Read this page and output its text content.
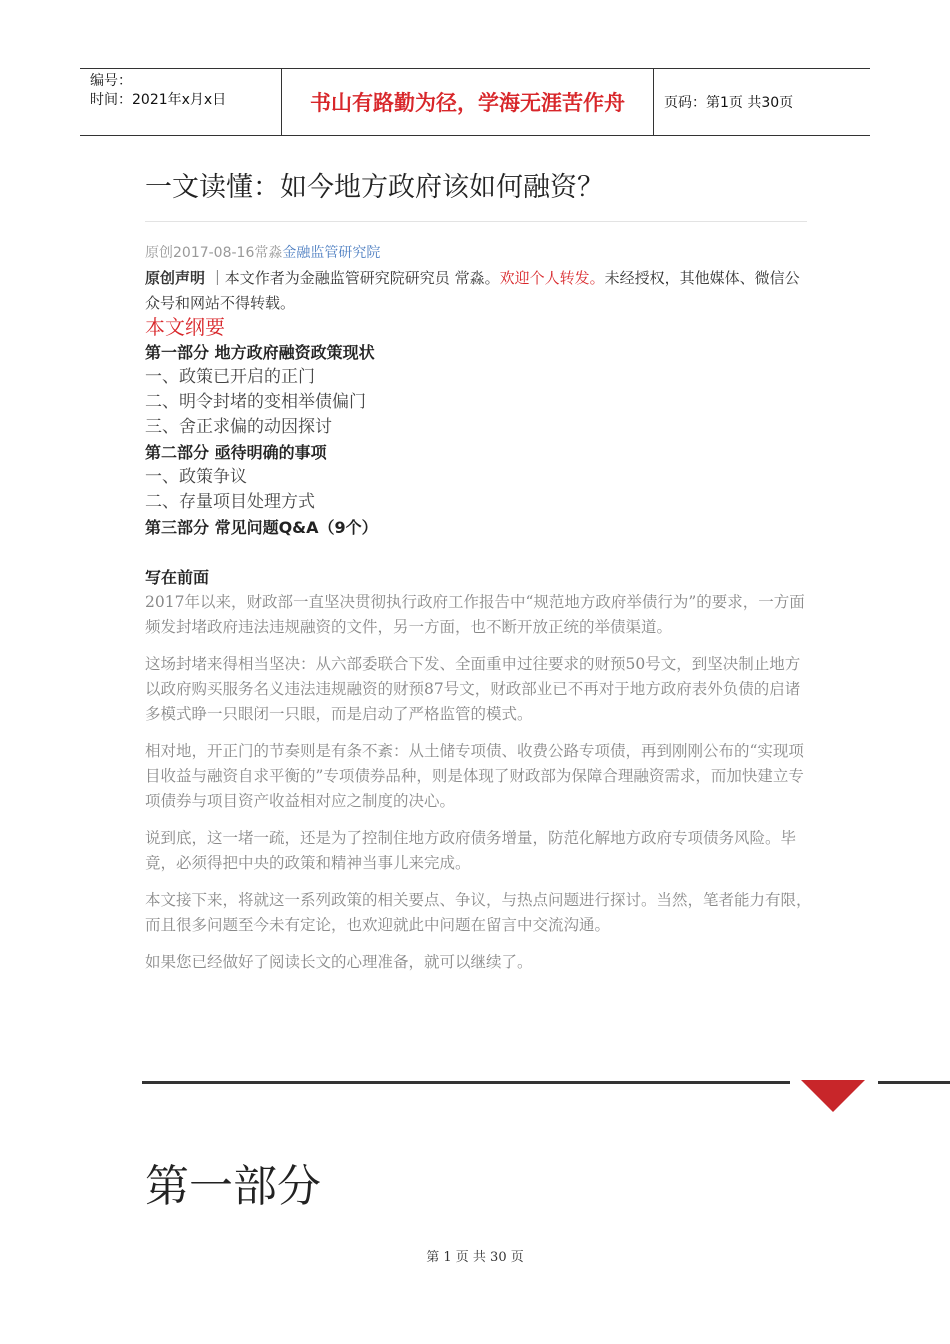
编号：
时间：2021年x月x日	书山有路勤为径，学海无涯苦作舟	页码：第1页 共30页
一文读懂：如今地方政府该如何融资？
原创2017-08-16常淼金融监管研究院
原创声明 ｜本文作者为金融监管研究院研究员 常淼。欢迎个人转发。未经授权，其他媒体、微信公众号和网站不得转载。
本文纲要
第一部分 地方政府融资政策现状
一、政策已开启的正门
二、明令封堵的变相举债偏门
三、舍正求偏的动因探讨
第二部分 亟待明确的事项
一、政策争议
二、存量项目处理方式
第三部分 常见问题Q&A（9个）
写在前面

2017年以来，财政部一直坚决贯彻执行政府工作报告中“规范地方政府举债行为”的要求，一方面频发封堵政府违法违规融资的文件，另一方面，也不断开放正统的举债渠道。

这场封堵来得相当坚决：从六部委联合下发、全面重申过往要求的财预50号文，到坚决制止地方以政府购买服务名义违法违规融资的财预87号文，财政部业已不再对于地方政府表外负债的启诸多模式睁一只眼闭一只眼，而是启动了严格监管的模式。

相对地，开正门的节奏则是有条不紊：从土储专项债、收费公路专项债，再到刚刚公布的“实现项目收益与融资自求平衡的”专项债券品种，则是体现了财政部为保障合理融资需求，而加快建立专项债券与项目资产收益相对应之制度的决心。

说到底，这一堵一疏，还是为了控制住地方政府债务增量，防范化解地方政府专项债务风险。毕竟，必须得把中央的政策和精神当事儿来完成。

本文接下来，将就这一系列政策的相关要点、争议，与热点问题进行探讨。当然，笔者能力有限，而且很多问题至今未有定论，也欢迎就此中问题在留言中交流沟通。

如果您已经做好了阅读长文的心理准备，就可以继续了。

第一部分
第 1 页 共 30 页
